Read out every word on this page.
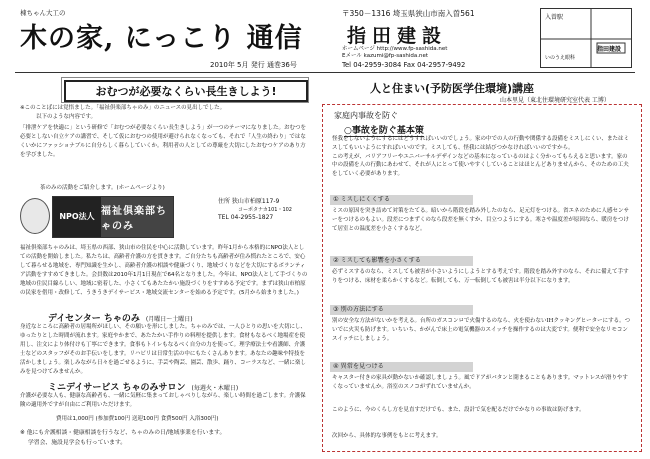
棟ちゃん大工の
木の家, にっこり 通信
2010年 5月 発行 通巻36号
〒350－1316 埼玉県狭山市南入曽561
指田建設
ホームページ http://www.fp-sashida.net
Eメール kazumi@fp-sashida.net
Tel 04-2959-3084 Fax 04-2957-9492
入曽駅
指田建設
いのうえ眼科
おむつが必要なくらい長生きしよう!
※このことばには覚悟ました。「福祉倶楽部ちゃのみ」のニュースの見出しでした。
以下のような内容です。
「排泄ケアを快適に」という研修で「おむつが必要なくらい長生きしよう」が一つのテーマになりました。おむつを必要としない自立ケアの講習で、そして仮におむつの使用が避けられなくなっても、それで「人生の終わり」ではなくいかにファッショナブルに自分らしく暮らしていくか。利用者の人としての尊厳を大切にしたおむつケアのあり方を学びました。
茶のみの活動をご紹介します。(ホームページより)
NPO法人 福祉倶楽部ちゃのみ
住所 狭山市柏原117-9
コーポタナカ101・102
TEL 04-2955-1827
福祉倶楽部ちゃのみは、埼玉県の西部、狭山市の住民を中心に活動しています。昨年1月から本格的にNPO法人としての活動を開始しました。私たちは、高齢者介護の方を貫きます。ご自分たちも高齢者が住み慣れたところで、安心して暮らせる地域を、専門知識を生かし、高齢者介護の相談や健康づくり、地域づくりなどを大切にするボランティア活動をすすめてきました。会員数は2010年1月1日現在で64名となりました。今年は、NPO法人として手づくりの地域の住民目線らしい、地域に密着した、小さくてもあたたかい施設づくりをすすめる予定です。まずは狭山市柏原の民家を借用・改修して、うきうきデイサービス・地域交流センターを始める予定です。(5月から始まりました。)
デイセンター ちゃのみ (月曜日～土曜日)
身近なところに高齢者の居場所がほしい、その願いを形にしました。ちゃのみでは、一人ひとりの思いを大切にし、ゆったりとした時間が流れます。家庭やかまで、あたたかい手作りの料理を提供します。食材もなるべく地場産を使用し、注文により体付けも丁寧にできます。食事もトイレもなるべく自分の力を使って。理学療法士や看護師、介護士などのスタッフがそのお手伝いをします。リハビリは日常生活の中にもたくさんあります。あなたの趣味や特技を活かしましょう。楽しみながら日々を過ごせるように、手芸や陶芸、園芸、散歩、踊り、コーラスなど、一緒に楽しみを見つけてみませんか。
ミニデイサービス ちゃのみサロン (毎週火・木曜日)
介護が必要な人も、健康な高齢者も、一緒に気軽に集まっておしゃべりしながら、楽しい時間を過ごします。介護保険の適用外ですが自由にご利用いただけます。
費用は1,000円 (参加費100円 送迎100円 食費500円 入浴300円)
※ 他にも介護相談・健康相談を行うなど、ちゃのみの日/地域事業を行います。
学習会、施設見学会も行っています。
人と住まい(予防医学住環境)講座
山本里見（東北住環境研究室代表 工博）
家庭内事故を防ぐ
○事故を防ぐ基本策
怪我をしないようにするにはどうすればいいのでしょう。家の中での人の行動や関係する設備をミスしにくい、またはミスしてもいいようにすればいいのです。ミスしても、怪我には結びつかなければいいのですから。
この考えが、バリアフリーやユニバーサルデザインなどの基本になっているのはよく分かってもらえると思います。家の中の設備を人の行動にあわせて、それが人にとって使いやすくしていることはほとんどありませんから、そのための工夫をしていく必要があります。
① ミスしにくくする
ミスの原因を突き詰めて対策をたてる。暗いから階段を踏み外したのなら、足元灯をつける。省エネのために人感センサーをつけるのもよい。段差につまずくのなら段差を無くすか、目立つようにする。寒さや温度差が原因なら、暖房をつけて居室との温度差を小さくするなど。
② ミスしても影響を小さくする
必ずミスするのなら、ミスしても被害が小さいようにしようとする考えです。階段を踏み外すのなら、それに備えて手すりをつける、床材を柔らかくするなど。転倒しても、万一転倒しても被害は半分以下になります。
③ 別の方法にする
別の安全な方法がないかを考える。台所のガスコンロで火傷するのなら、火を使わないIHクッキングヒーターにする。ついでに火災も防げます。いちいち、かがんで床上の電気機器のスイッチを操作するのは大変です。便利で安全なリモコンスイッチにしましょう。
④ 異常を見つける
キャスター付きの家具が動かないか確認しましょう。風でドアがバタンと閉まることもあります。マットレスが滑りやすくなっていませんか。浴室のスノコがずれていませんか。
このように、今のくらし方を見直すだけでも、また、設計で気を配るだけでかなりの事故は防げます。
次回から、具体的な事例をもとに考えます。
